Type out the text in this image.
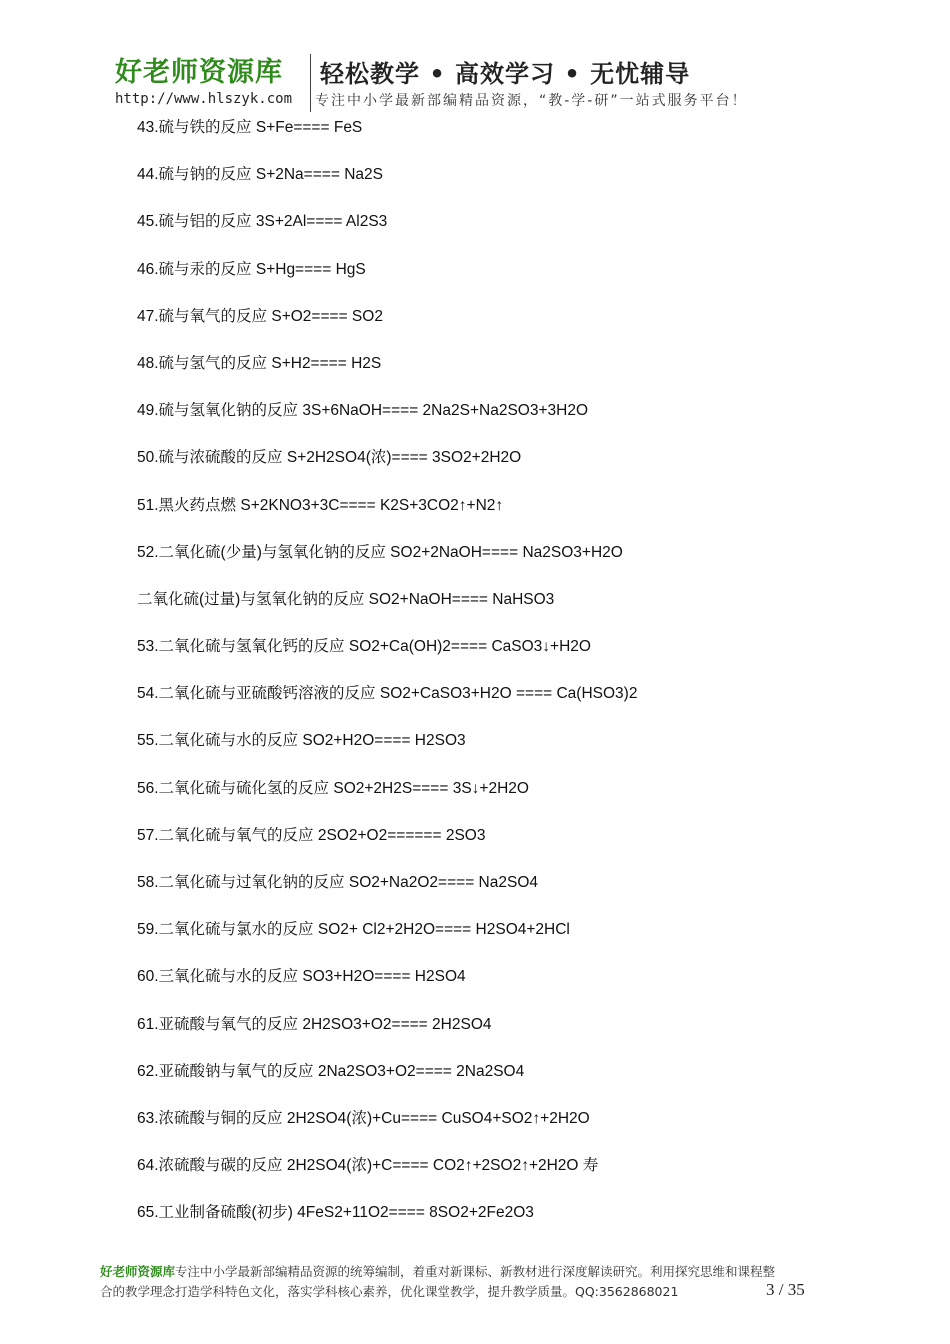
好老师资源库 轻松教学 • 高效学习 • 无忧辅导
http://www.hlszyk.com 专注中小学最新部编精品资源，“教-学-研”一站式服务平台！
43.硫与铁的反应 S+Fe==== FeS
44.硫与钠的反应 S+2Na==== Na2S
45.硫与铝的反应 3S+2Al==== Al2S3
46.硫与汞的反应 S+Hg==== HgS
47.硫与氧气的反应 S+O2==== SO2
48.硫与氢气的反应 S+H2==== H2S
49.硫与氢氧化钠的反应 3S+6NaOH==== 2Na2S+Na2SO3+3H2O
50.硫与浓硫酸的反应 S+2H2SO4(浓)==== 3SO2+2H2O
51.黑火药点燃 S+2KNO3+3C==== K2S+3CO2↑+N2↑
52.二氧化硫(少量)与氢氧化钠的反应 SO2+2NaOH==== Na2SO3+H2O
二氧化硫(过量)与氢氧化钠的反应 SO2+NaOH==== NaHSO3
53.二氧化硫与氢氧化钙的反应 SO2+Ca(OH)2==== CaSO3↓+H2O
54.二氧化硫与亚硫酸钙溶液的反应 SO2+CaSO3+H2O ==== Ca(HSO3)2
55.二氧化硫与水的反应 SO2+H2O==== H2SO3
56.二氧化硫与硫化氢的反应 SO2+2H2S==== 3S↓+2H2O
57.二氧化硫与氧气的反应 2SO2+O2====== 2SO3
58.二氧化硫与过氧化钠的反应 SO2+Na2O2==== Na2SO4
59.二氧化硫与氯水的反应 SO2+ Cl2+2H2O==== H2SO4+2HCl
60.三氧化硫与水的反应 SO3+H2O==== H2SO4
61.亚硫酸与氧气的反应 2H2SO3+O2==== 2H2SO4
62.亚硫酸钠与氧气的反应 2Na2SO3+O2==== 2Na2SO4
63.浓硫酸与铜的反应 2H2SO4(浓)+Cu==== CuSO4+SO2↑+2H2O
64.浓硫酸与碳的反应 2H2SO4(浓)+C==== CO2↑+2SO2↑+2H2O 寿
65.工业制备硫酸(初步) 4FeS2+11O2==== 8SO2+2Fe2O3
好老师资源库专注中小学最新部编精品资源的统筹编制，着重对新课标、新教材进行深度解读研究。利用探究思维和课程整
合的教学理念打造学科特色文化，落实学科核心素养，优化课堂教学，提升教学质量。QQ:3562868021	3 / 35
